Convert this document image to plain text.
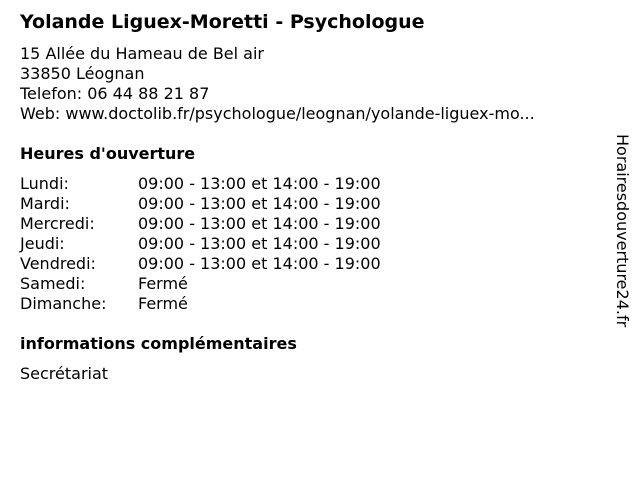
Yolande Liguex-Moretti - Psychologue
15 Allée du Hameau de Bel air
33850 Léognan
Telefon: 06 44 88 21 87
Web: www.doctolib.fr/psychologue/leognan/yolande-liguex-mo...
Heures d'ouverture
Lundi:	09:00 - 13:00 et 14:00 - 19:00
Mardi:	09:00 - 13:00 et 14:00 - 19:00
Mercredi:	09:00 - 13:00 et 14:00 - 19:00
Jeudi:	09:00 - 13:00 et 14:00 - 19:00
Vendredi:	09:00 - 13:00 et 14:00 - 19:00
Samedi:	Fermé
Dimanche: Fermé
informations complémentaires
Secrétariat
Horairesdouverture24.fr
